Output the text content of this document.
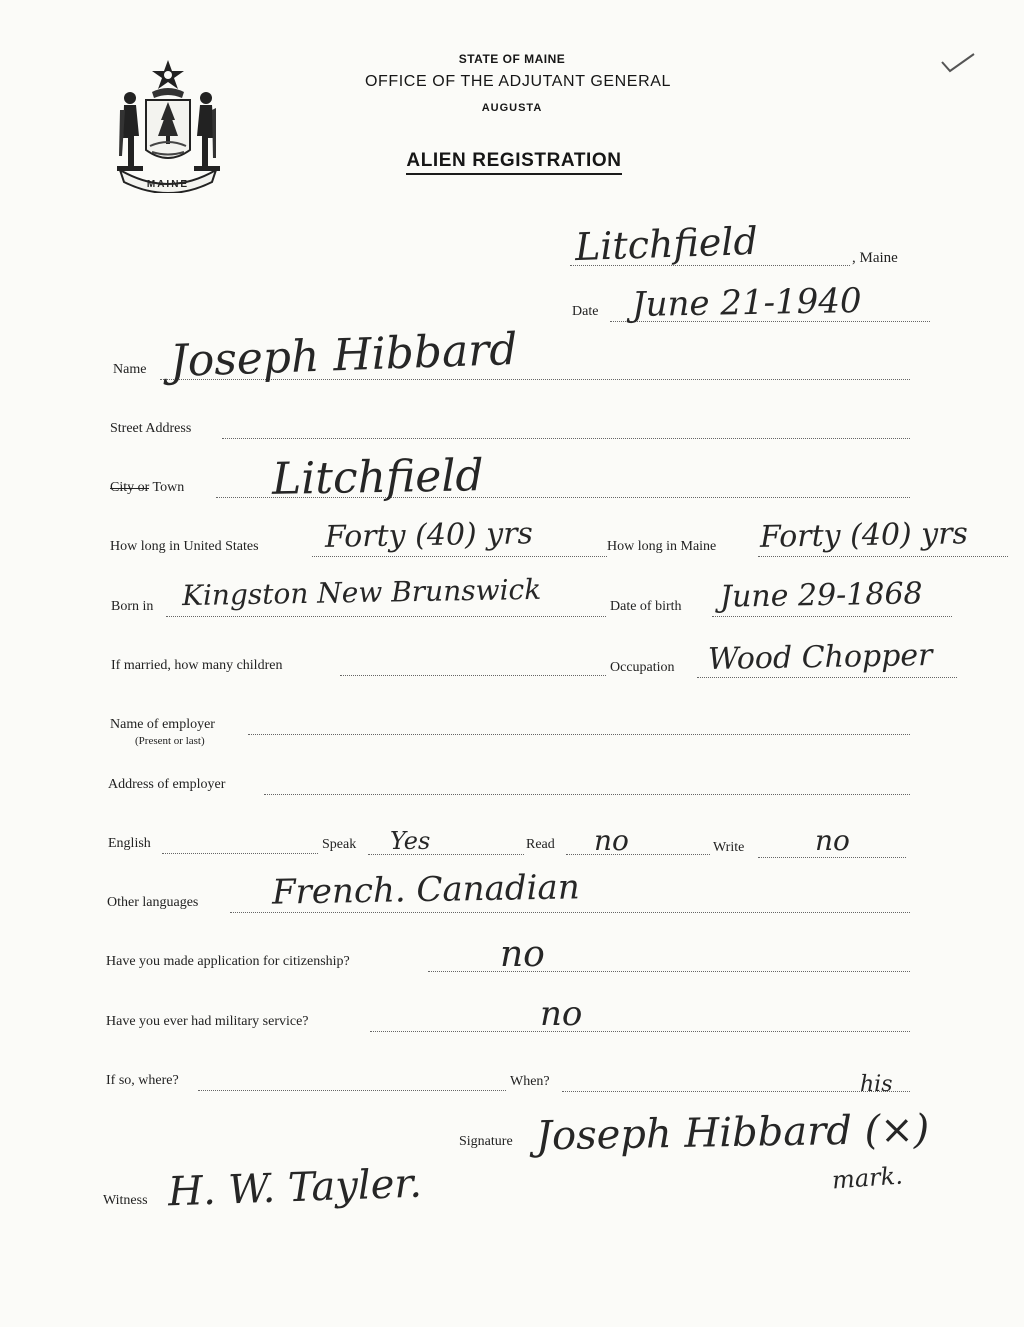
STATE OF MAINE
OFFICE OF THE ADJUTANT GENERAL
AUGUSTA
ALIEN REGISTRATION
MAINE
Litchfield	, Maine
Date June 21-1940
Name Joseph Hibbard
Street Address
City or Town Litchfield
How long in United States Forty (40) yrs	How long in Maine Forty (40) yrs
Born in Kingston New Brunswick	Date of birth June 29-1868
If married, how many children	Occupation Wood Chopper
Name of employer
(Present or last)
Address of employer
English	Speak Yes	Read no	Write	no
Other languages French. Canadian
Have you made application for citizenship?	no
Have you ever had military service?	no
If so, where?	When?
Signature Joseph Hibbard (×)
his
mark.
Witness H. W. Tayler.
